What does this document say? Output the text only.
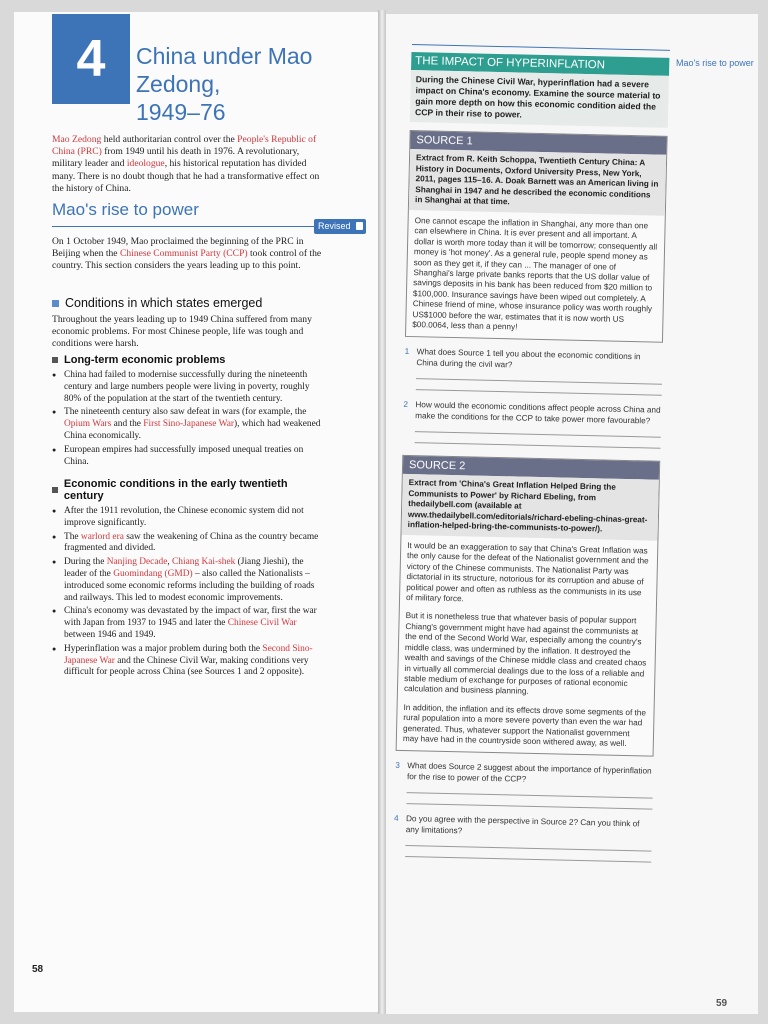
4 China under Mao Zedong,
1949–76
Mao Zedong held authoritarian control over the People's Republic of China (PRC) from 1949 until his death in 1976. A revolutionary, military leader and ideologue, his historical reputation has divided many. There is no doubt though that he had a transformative effect on the history of China.
Mao's rise to power
Revised
On 1 October 1949, Mao proclaimed the beginning of the PRC in Beijing when the Chinese Communist Party (CCP) took control of the country. This section considers the years leading up to this point.
Conditions in which states emerged
Throughout the years leading up to 1949 China suffered from many economic problems. For most Chinese people, life was tough and conditions were harsh.
Long-term economic problems
● China had failed to modernise successfully during the nineteenth century and large numbers people were living in poverty, roughly 80% of the population at the start of the twentieth century.
● The nineteenth century also saw defeat in wars (for example, the Opium Wars and the First Sino-Japanese War), which had weakened China economically.
● European empires had successfully imposed unequal treaties on China.
Economic conditions in the early twentieth century
● After the 1911 revolution, the Chinese economic system did not improve significantly.
● The warlord era saw the weakening of China as the country became fragmented and divided.
● During the Nanjing Decade, Chiang Kai-shek (Jiang Jieshi), the leader of the Guomindang (GMD) – also called the Nationalists – introduced some economic reforms including the building of roads and railways. This led to modest economic improvements.
● China's economy was devastated by the impact of war, first the war with Japan from 1937 to 1945 and later the Chinese Civil War between 1946 and 1949.
● Hyperinflation was a major problem during both the Second Sino-Japanese War and the Chinese Civil War, making conditions very difficult for people across China (see Sources 1 and 2 opposite).
58
Mao's rise to power
THE IMPACT OF HYPERINFLATION
During the Chinese Civil War, hyperinflation had a severe impact on China's economy. Examine the source material to gain more depth on how this economic condition aided the CCP in their rise to power.
SOURCE 1
Extract from R. Keith Schoppa, Twentieth Century China: A History in Documents, Oxford University Press, New York, 2011, pages 115–16. A. Doak Barnett was an American living in Shanghai in 1947 and he described the economic conditions in Shanghai at that time.
One cannot escape the inflation in Shanghai, any more than one can elsewhere in China. It is ever present and all important. A dollar is worth more today than it will be tomorrow; consequently all money is 'hot money'. As a general rule, people spend money as soon as they get it, if they can ... The manager of one of Shanghai's large private banks reports that the US dollar value of savings deposits in his bank has been reduced from $20 million to $100,000. Insurance savings have been wiped out completely. A Chinese friend of mine, whose insurance policy was worth roughly US$1000 before the war, estimates that it is now worth US $00.0064, less than a penny!
1 What does Source 1 tell you about the economic conditions in China during the civil war?
2 How would the economic conditions affect people across China and make the conditions for the CCP to take power more favourable?
SOURCE 2
Extract from 'China's Great Inflation Helped Bring the Communists to Power' by Richard Ebeling, from thedailybell.com (available at www.thedailybell.com/editorials/richard-ebeling-chinas-great-inflation-helped-bring-the-communists-to-power/).
It would be an exaggeration to say that China's Great Inflation was the only cause for the defeat of the Nationalist government and the victory of the Chinese communists. The Nationalist Party was dictatorial in its structure, notorious for its corruption and abuse of political power and often as ruthless as the communists in its use of military force.
But it is nonetheless true that whatever basis of popular support Chiang's government might have had against the communists at the end of the Second World War, especially among the country's middle class, was undermined by the inflation. It destroyed the wealth and savings of the Chinese middle class and created chaos in virtually all commercial dealings due to the loss of a reliable and stable medium of exchange for purposes of rational economic calculation and business planning.
In addition, the inflation and its effects drove some segments of the rural population into a more severe poverty than even the war had generated. Thus, whatever support the Nationalist government may have had in the countryside soon withered away, as well.
3 What does Source 2 suggest about the importance of hyperinflation for the rise to power of the CCP?
4 Do you agree with the perspective in Source 2? Can you think of any limitations?
59
